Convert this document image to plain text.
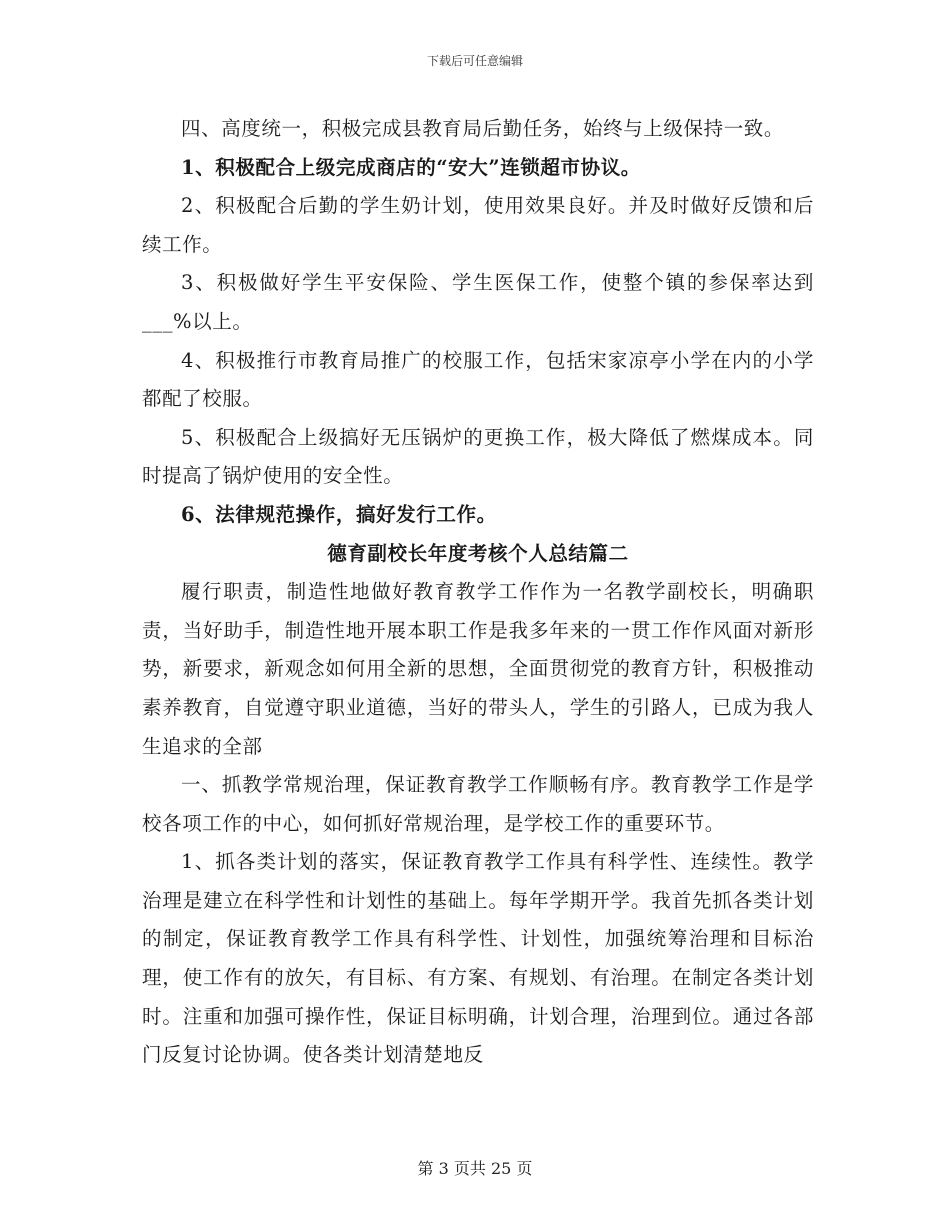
下载后可任意编辑

四、高度统一，积极完成县教育局后勤任务，始终与上级保持一致。

1、积极配合上级完成商店的“安大”连锁超市协议。

2、积极配合后勤的学生奶计划，使用效果良好。并及时做好反馈和后续工作。

3、积极做好学生平安保险、学生医保工作，使整个镇的参保率达到___%以上。

4、积极推行市教育局推广的校服工作，包括宋家凉亭小学在内的小学都配了校服。

5、积极配合上级搞好无压锅炉的更换工作，极大降低了燃煤成本。同时提高了锅炉使用的安全性。

6、法律规范操作，搞好发行工作。

德育副校长年度考核个人总结篇二

履行职责，制造性地做好教育教学工作作为一名教学副校长，明确职责，当好助手，制造性地开展本职工作是我多年来的一贯工作作风面对新形势，新要求，新观念如何用全新的思想，全面贯彻党的教育方针，积极推动素养教育，自觉遵守职业道德，当好的带头人，学生的引路人，已成为我人生追求的全部

一、抓教学常规治理，保证教育教学工作顺畅有序。教育教学工作是学校各项工作的中心，如何抓好常规治理，是学校工作的重要环节。

1、抓各类计划的落实，保证教育教学工作具有科学性、连续性。教学治理是建立在科学性和计划性的基础上。每年学期开学。我首先抓各类计划的制定，保证教育教学工作具有科学性、计划性，加强统筹治理和目标治理，使工作有的放矢，有目标、有方案、有规划、有治理。在制定各类计划时。注重和加强可操作性，保证目标明确，计划合理，治理到位。通过各部门反复讨论协调。使各类计划清楚地反

第 3 页共 25 页
